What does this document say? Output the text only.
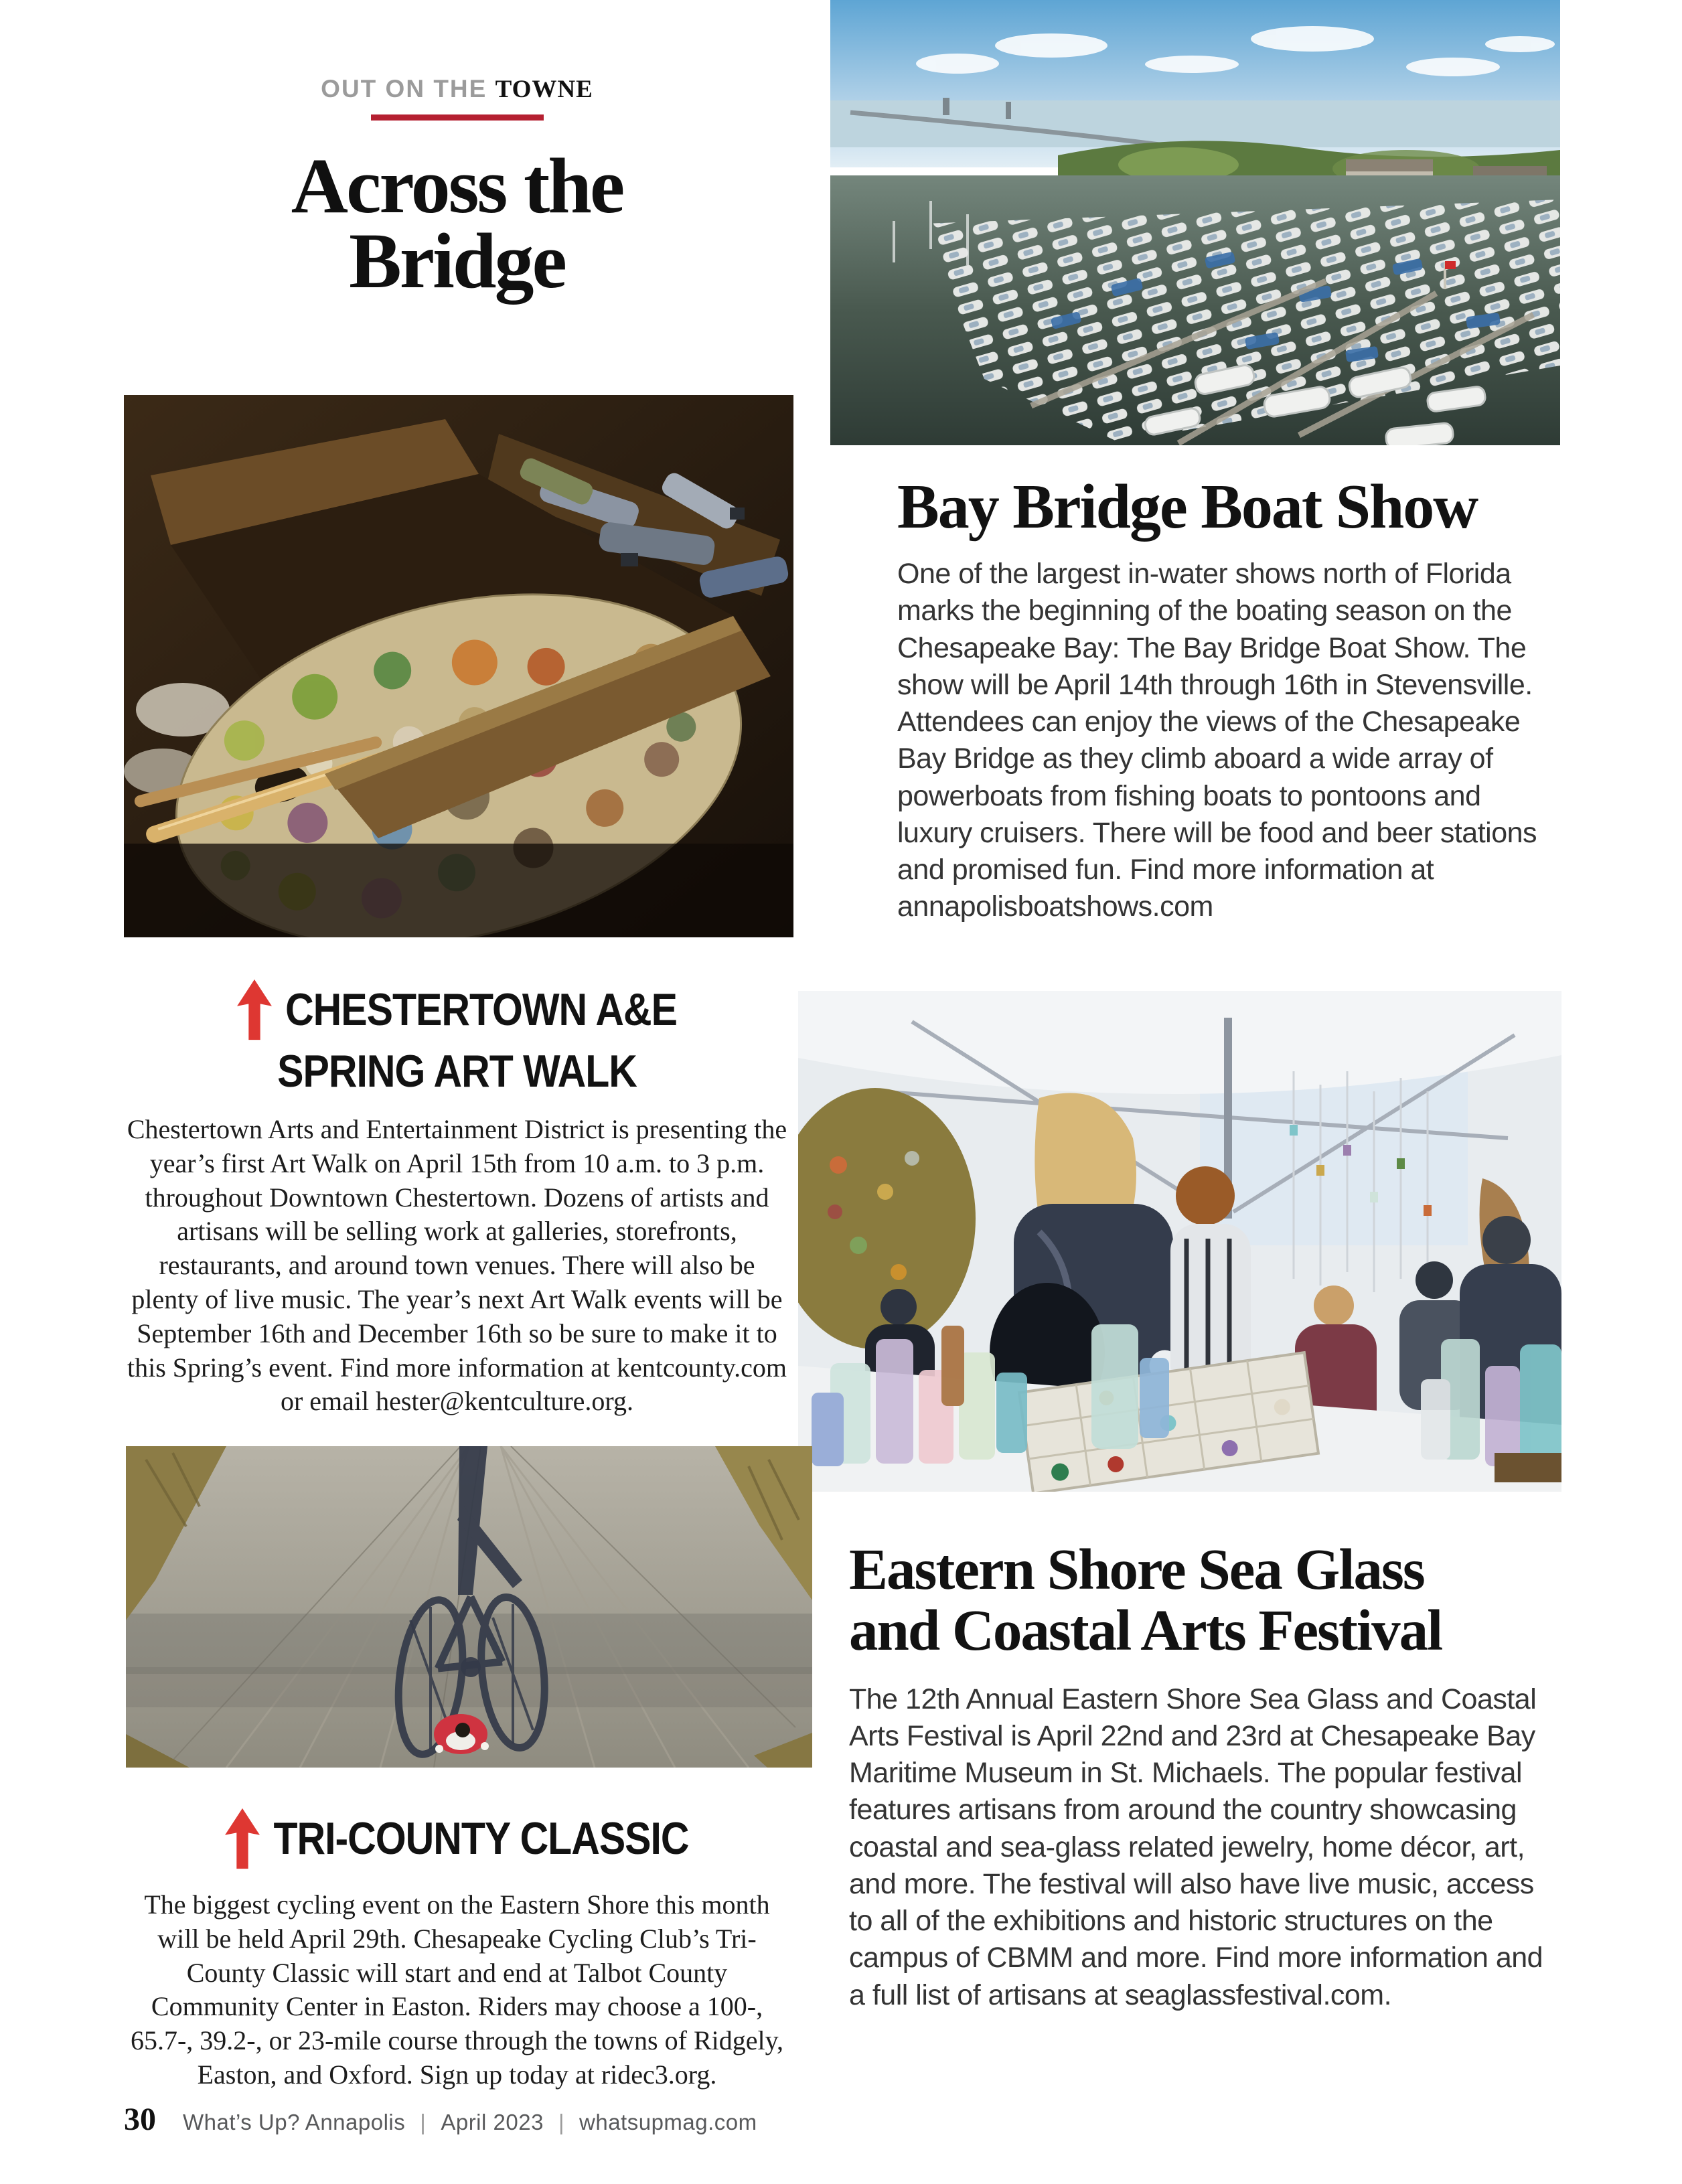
OUT ON THE TOWNE
Across the
Bridge
Bay Bridge Boat Show
One of the largest in-water shows north of Florida marks the beginning of the boating season on the Chesapeake Bay: The Bay Bridge Boat Show. The show will be April 14th through 16th in Stevensville. Attendees can enjoy the views of the Chesapeake Bay Bridge as they climb aboard a wide array of powerboats from fishing boats to pontoons and luxury cruisers. There will be food and beer stations and promised fun. Find more information at annapolisboatshows.com
CHESTERTOWN A&E
SPRING ART WALK
Chestertown Arts and Entertainment District is presenting the year’s first Art Walk on April 15th from 10 a.m. to 3 p.m. throughout Downtown Chestertown. Dozens of artists and artisans will be selling work at galleries, storefronts, restaurants, and around town venues. There will also be plenty of live music. The year’s next Art Walk events will be September 16th and December 16th so be sure to make it to this Spring’s event. Find more information at kentcounty.com or email hester@kentculture.org.
Eastern Shore Sea Glass
and Coastal Arts Festival
The 12th Annual Eastern Shore Sea Glass and Coastal Arts Festival is April 22nd and 23rd at Chesapeake Bay Maritime Museum in St. Michaels. The popular festival features artisans from around the country showcasing coastal and sea-glass related jewelry, home décor, art, and more. The festival will also have live music, access to all of the exhibitions and historic structures on the campus of CBMM and more. Find more information and a full list of artisans at seaglassfestival.com.
TRI-COUNTY CLASSIC
The biggest cycling event on the Eastern Shore this month will be held April 29th. Chesapeake Cycling Club’s Tri-County Classic will start and end at Talbot County Community Center in Easton. Riders may choose a 100-, 65.7-, 39.2-, or 23-mile course through the towns of Ridgely, Easton, and Oxford. Sign up today at ridec3.org.
30 What’s Up? Annapolis | April 2023 | whatsupmag.com
